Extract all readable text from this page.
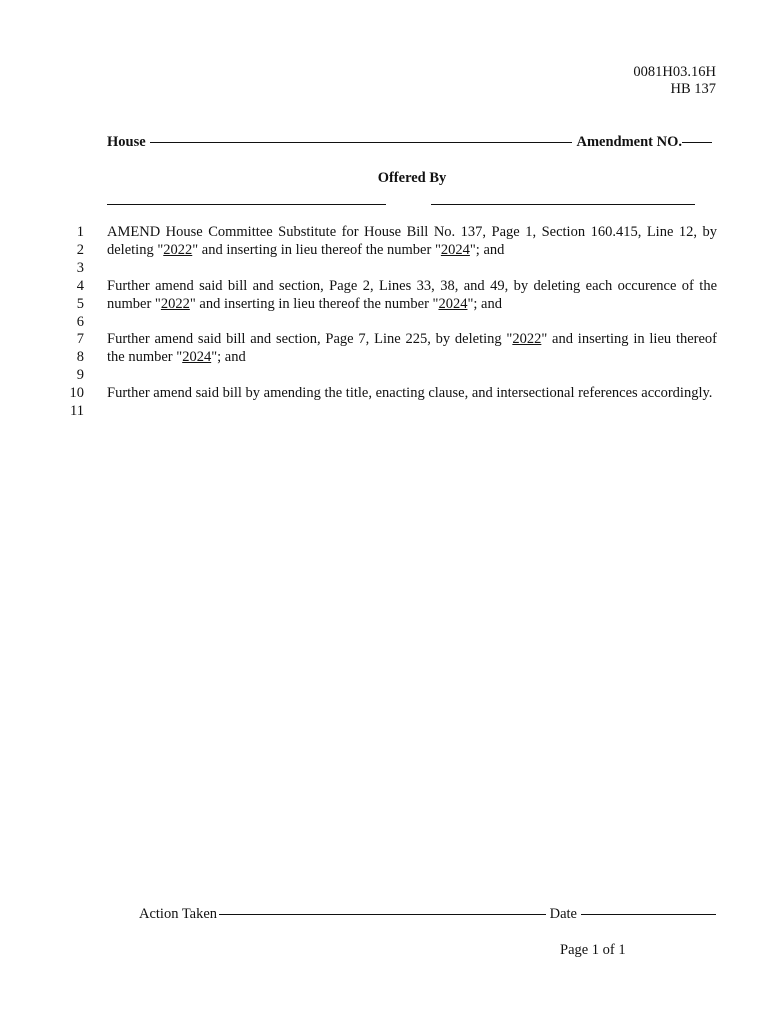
0081H03.16H
HB 137
House	Amendment NO.
Offered By
1
2
3
4
5
6
7
8
9
10
11

AMEND House Committee Substitute for House Bill No. 137, Page 1, Section 160.415, Line 12, by deleting "2022" and inserting in lieu thereof the number "2024"; and

Further amend said bill and section, Page 2, Lines 33, 38, and 49, by deleting each occurence of the number "2022" and inserting in lieu thereof the number "2024"; and

Further amend said bill and section, Page 7, Line 225, by deleting "2022" and inserting in lieu thereof the number "2024"; and

Further amend said bill by amending the title, enacting clause, and intersectional references accordingly.

Action Taken	Date
Page 1 of 1
